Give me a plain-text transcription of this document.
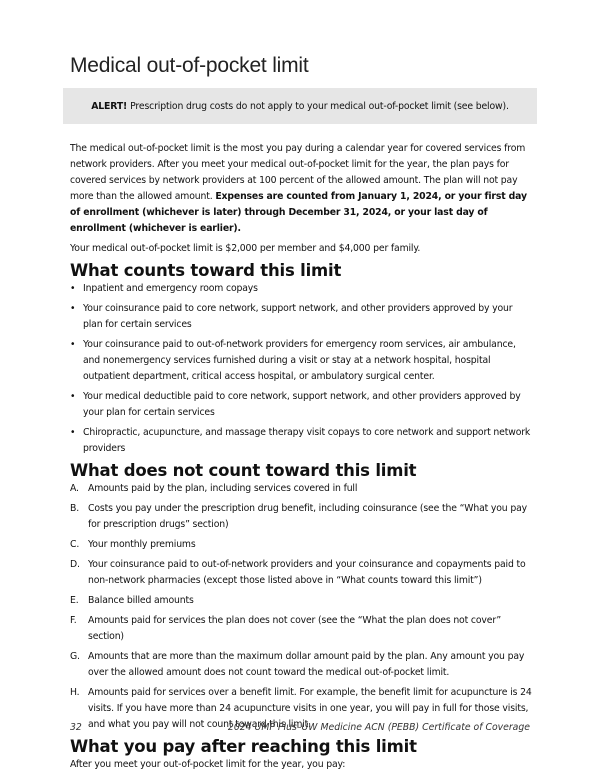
Medical out-of-pocket limit
ALERT! Prescription drug costs do not apply to your medical out-of-pocket limit (see below).

The medical out-of-pocket limit is the most you pay during a calendar year for covered services from network providers. After you meet your medical out-of-pocket limit for the year, the plan pays for covered services by network providers at 100 percent of the allowed amount. The plan will not pay more than the allowed amount. Expenses are counted from January 1, 2024, or your first day of enrollment (whichever is later) through December 31, 2024, or your last day of enrollment (whichever is earlier).

Your medical out-of-pocket limit is $2,000 per member and $4,000 per family.

What counts toward this limit
• Inpatient and emergency room copays
• Your coinsurance paid to core network, support network, and other providers approved by your plan for certain services
• Your coinsurance paid to out-of-network providers for emergency room services, air ambulance, and nonemergency services furnished during a visit or stay at a network hospital, hospital outpatient department, critical access hospital, or ambulatory surgical center.
• Your medical deductible paid to core network, support network, and other providers approved by your plan for certain services
• Chiropractic, acupuncture, and massage therapy visit copays to core network and support network providers
What does not count toward this limit
A. Amounts paid by the plan, including services covered in full
B. Costs you pay under the prescription drug benefit, including coinsurance (see the “What you pay for prescription drugs” section)
C. Your monthly premiums
D. Your coinsurance paid to out-of-network providers and your coinsurance and copayments paid to non-network pharmacies (except those listed above in “What counts toward this limit”)
E. Balance billed amounts
F. Amounts paid for services the plan does not cover (see the “What the plan does not cover” section)
G. Amounts that are more than the maximum dollar amount paid by the plan. Any amount you pay over the allowed amount does not count toward the medical out-of-pocket limit.
H. Amounts paid for services over a benefit limit. For example, the benefit limit for acupuncture is 24 visits. If you have more than 24 acupuncture visits in one year, you will pay in full for those visits, and what you pay will not count toward this limit.
What you pay after reaching this limit

After you meet your out-of-pocket limit for the year, you pay:

32	2024 UMP Plus–UW Medicine ACN (PEBB) Certificate of Coverage
